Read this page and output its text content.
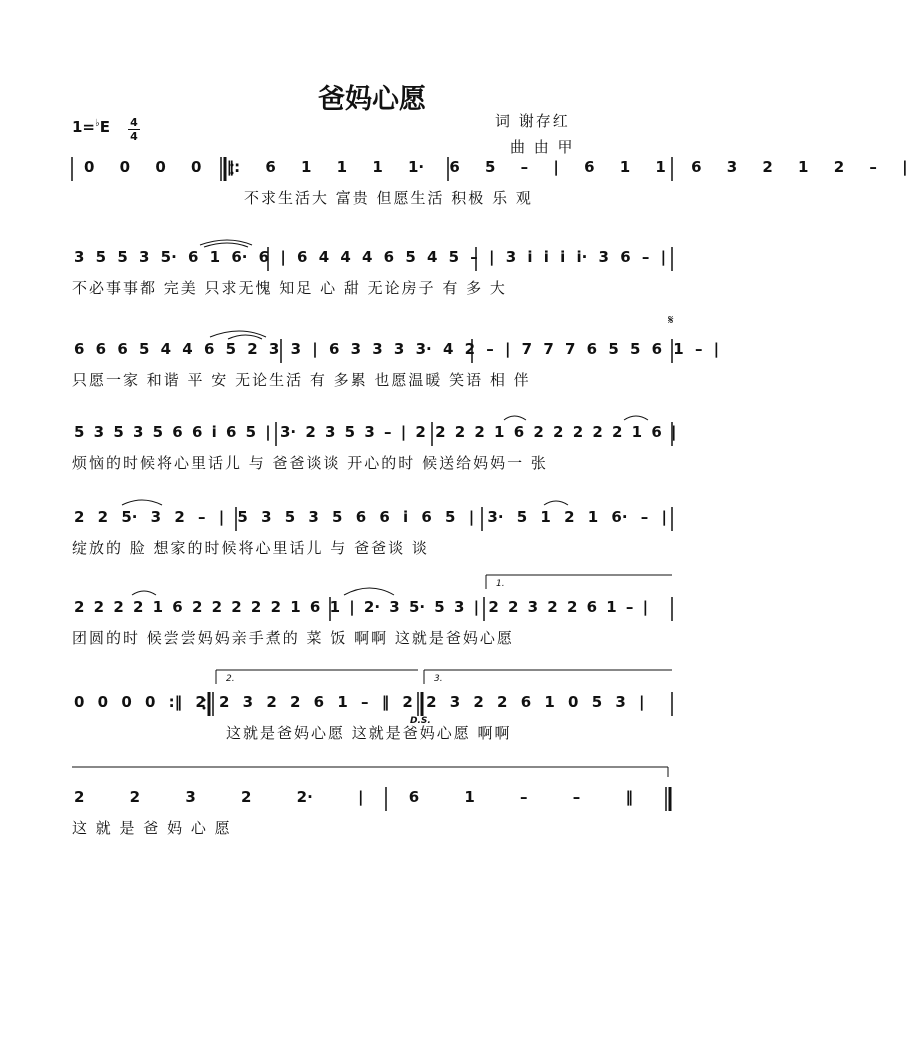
爸妈心愿
词 谢存红
曲 由 甲
1=♭E 4
4
0 0 0 0 ‖: 6 1 1 1 1· 6 5 – | 6 1 1 6 3 2 1 2 – |
不求生活大 富贵 但愿生活 积极 乐 观
3 5 5 3 5· 6 1 6· 6 | 6 4 4 4 6 5 4 5 – | 3 i i i i· 3 6 – |
不必事事都 完美 只求无愧 知足 心 甜 无论房子 有 多 大
𝄋
6 6 6 5 4 4 6 5 2 3 3 | 6 3 3 3 3· 4 2 – | 7 7 7 6 5 5 6 1 – |
只愿一家 和谐 平 安 无论生活 有 多累 也愿温暖 笑语 相 伴
5 3 5 3 5 6 6 i 6 5 | 3· 2 3 5 3 – | 2 2 2 2 1 6 2 2 2 2 2 1 6 |
烦恼的时候将心里话儿 与 爸爸谈谈 开心的时 候送给妈妈一 张
2 2 5· 3 2 – | 5 3 5 3 5 6 6 i 6 5 | 3· 5 1 2 1 6· – |
绽放的 脸 想家的时候将心里话儿 与 爸爸谈 谈
1.
2 2 2 2 1 6 2 2 2 2 2 1 6 1 | 2· 3 5· 5 3 | 2 2 3 2 2 6 1 – |
团圆的时 候尝尝妈妈亲手煮的 菜 饭 啊啊 这就是爸妈心愿
2.	3.
0 0 0 0 :‖ 2 2 3 2 2 6 1 – ‖ 2 2 3 2 2 6 1 0 5 3 |
D.S.
这就是爸妈心愿 这就是爸妈心愿 啊啊
2 2 3 2 2· | 6 1 – – ‖
这 就 是 爸 妈 心 愿
